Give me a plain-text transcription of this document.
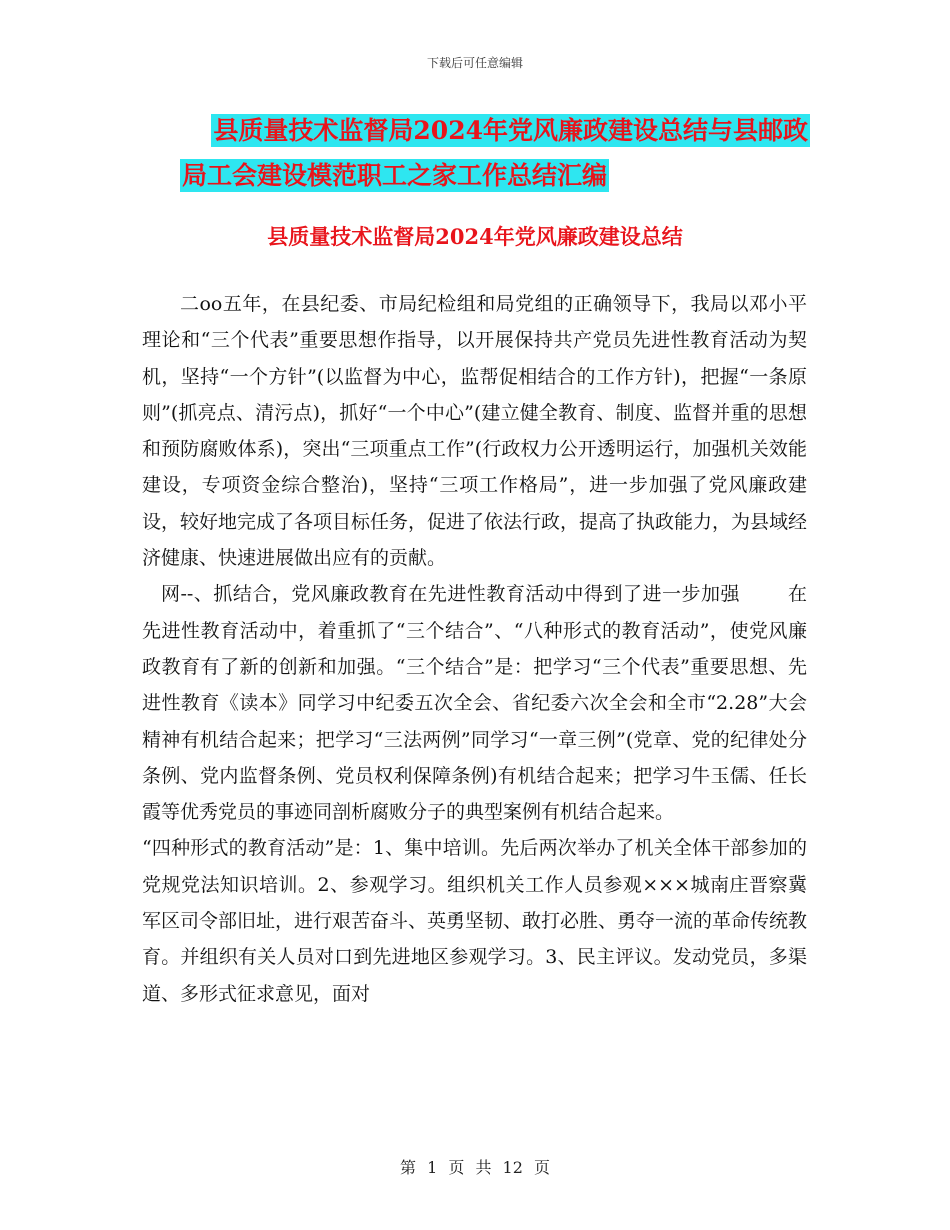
下载后可任意编辑
县质量技术监督局2024年党风廉政建设总结与县邮政
局工会建设模范职工之家工作总结汇编
县质量技术监督局2024年党风廉政建设总结

二oo五年，在县纪委、市局纪检组和局党组的正确领导下，我局以邓小平理论和“三个代表”重要思想作指导，以开展保持共产党员先进性教育活动为契机，坚持“一个方针”(以监督为中心，监帮促相结合的工作方针)，把握“一条原则”(抓亮点、清污点)，抓好“一个中心”(建立健全教育、制度、监督并重的思想和预防腐败体系)，突出“三项重点工作”(行政权力公开透明运行，加强机关效能建设，专项资金综合整治)，坚持“三项工作格局”，进一步加强了党风廉政建设，较好地完成了各项目标任务，促进了依法行政，提高了执政能力，为县域经济健康、快速进展做出应有的贡献。

网--、抓结合，党风廉政教育在先进性教育活动中得到了进一步加强	在先进性教育活动中，着重抓了“三个结合”、“八种形式的教育活动”，使党风廉政教育有了新的创新和加强。“三个结合”是：把学习“三个代表”重要思想、先进性教育《读本》同学习中纪委五次全会、省纪委六次全会和全市“2.28”大会精神有机结合起来；把学习“三法两例”同学习“一章三例”(党章、党的纪律处分条例、党内监督条例、党员权利保障条例)有机结合起来；把学习牛玉儒、任长霞等优秀党员的事迹同剖析腐败分子的典型案例有机结合起来。

“四种形式的教育活动”是：1、集中培训。先后两次举办了机关全体干部参加的党规党法知识培训。2、参观学习。组织机关工作人员参观×××城南庄晋察冀军区司令部旧址，进行艰苦奋斗、英勇坚韧、敢打必胜、勇夺一流的革命传统教育。并组织有关人员对口到先进地区参观学习。3、民主评议。发动党员，多渠道、多形式征求意见，面对

第 1 页 共 12 页
